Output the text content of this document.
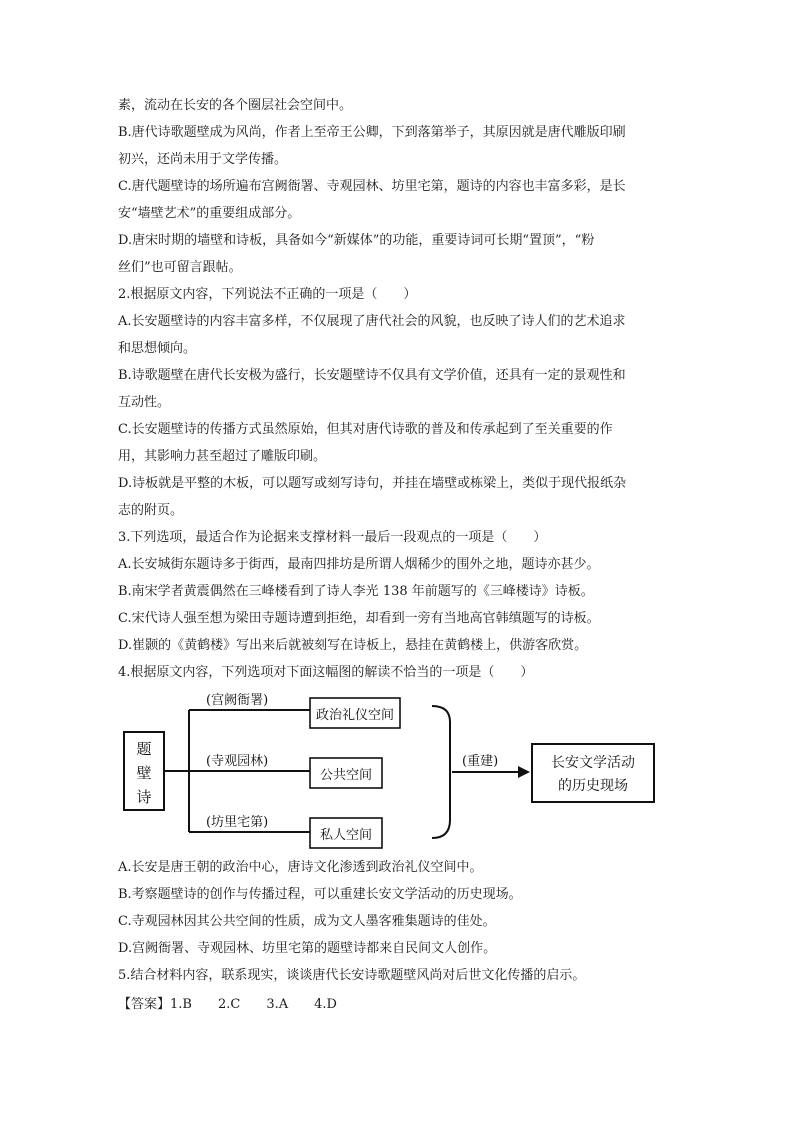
素，流动在长安的各个圈层社会空间中。

B.唐代诗歌题壁成为风尚，作者上至帝王公卿，下到落第举子，其原因就是唐代雕版印刷

初兴，还尚未用于文学传播。

C.唐代题壁诗的场所遍布宫阙衙署、寺观园林、坊里宅第，题诗的内容也丰富多彩，是长

安“墙壁艺术”的重要组成部分。

D.唐宋时期的墙壁和诗板，具备如今“新媒体”的功能，重要诗词可长期“置顶”，“粉

丝们”也可留言跟帖。

2.根据原文内容，下列说法不正确的一项是（　　）

A.长安题壁诗的内容丰富多样，不仅展现了唐代社会的风貌，也反映了诗人们的艺术追求

和思想倾向。

B.诗歌题壁在唐代长安极为盛行，长安题壁诗不仅具有文学价值，还具有一定的景观性和

互动性。

C.长安题壁诗的传播方式虽然原始，但其对唐代诗歌的普及和传承起到了至关重要的作

用，其影响力甚至超过了雕版印刷。

D.诗板就是平整的木板，可以题写或刻写诗句，并挂在墙壁或栋梁上，类似于现代报纸杂

志的附页。

3.下列选项，最适合作为论据来支撑材料一最后一段观点的一项是（　　）

A.长安城街东题诗多于街西，最南四排坊是所谓人烟稀少的围外之地，题诗亦甚少。

B.南宋学者黄震偶然在三峰楼看到了诗人李光 138 年前题写的《三峰楼诗》诗板。

C.宋代诗人强至想为梁田寺题诗遭到拒绝，却看到一旁有当地高官韩缜题写的诗板。

D.崔颢的《黄鹤楼》写出来后就被刻写在诗板上，悬挂在黄鹤楼上，供游客欣赏。

4.根据原文内容，下列选项对下面这幅图的解读不恰当的一项是（　　）

题
壁
诗
(宫阙衙署)
(寺观园林)
(坊里宅第)
政治礼仪空间
公共空间
私人空间
(重建)	长安文学活动
的历史现场

A.长安是唐王朝的政治中心，唐诗文化渗透到政治礼仪空间中。

B.考察题壁诗的创作与传播过程，可以重建长安文学活动的历史现场。

C.寺观园林因其公共空间的性质，成为文人墨客雅集题诗的佳处。

D.宫阙衙署、寺观园林、坊里宅第的题壁诗都来自民间文人创作。

5.结合材料内容，联系现实，谈谈唐代长安诗歌题壁风尚对后世文化传播的启示。

【答案】1.B 2.C 3.A 4.D
